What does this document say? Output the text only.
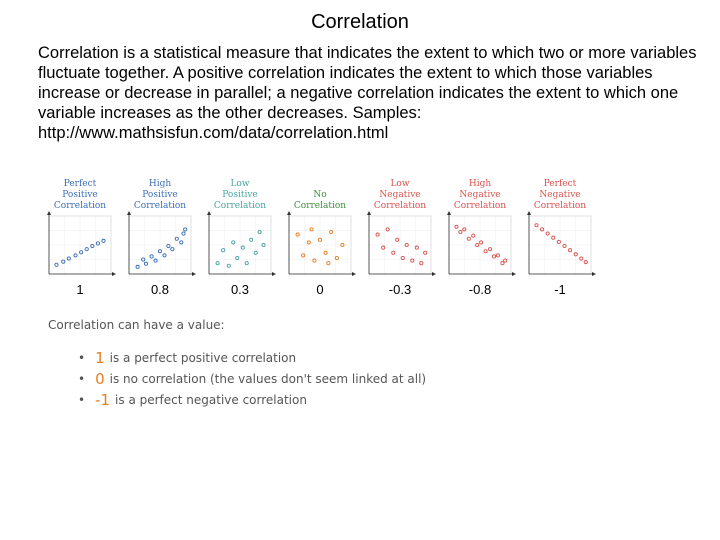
Correlation
Correlation is a statistical measure that indicates the extent to which two or more variables fluctuate together. A positive correlation indicates the extent to which those variables increase or decrease in parallel; a negative correlation indicates the extent to which one variable increases as the other decreases. Samples: http://www.mathsisfun.com/data/correlation.html
Perfect
Positive
Correlation
1
High
Positive
Correlation
0.8
Low
Positive
Correlation
0.3
No
Correlation
0
Low
Negative
Correlation
-0.3
High
Negative
Correlation
-0.8
Perfect
Negative
Correlation
-1
Correlation can have a value:
• 1 is a perfect positive correlation
• 0 is no correlation (the values don't seem linked at all)
• -1 is a perfect negative correlation
